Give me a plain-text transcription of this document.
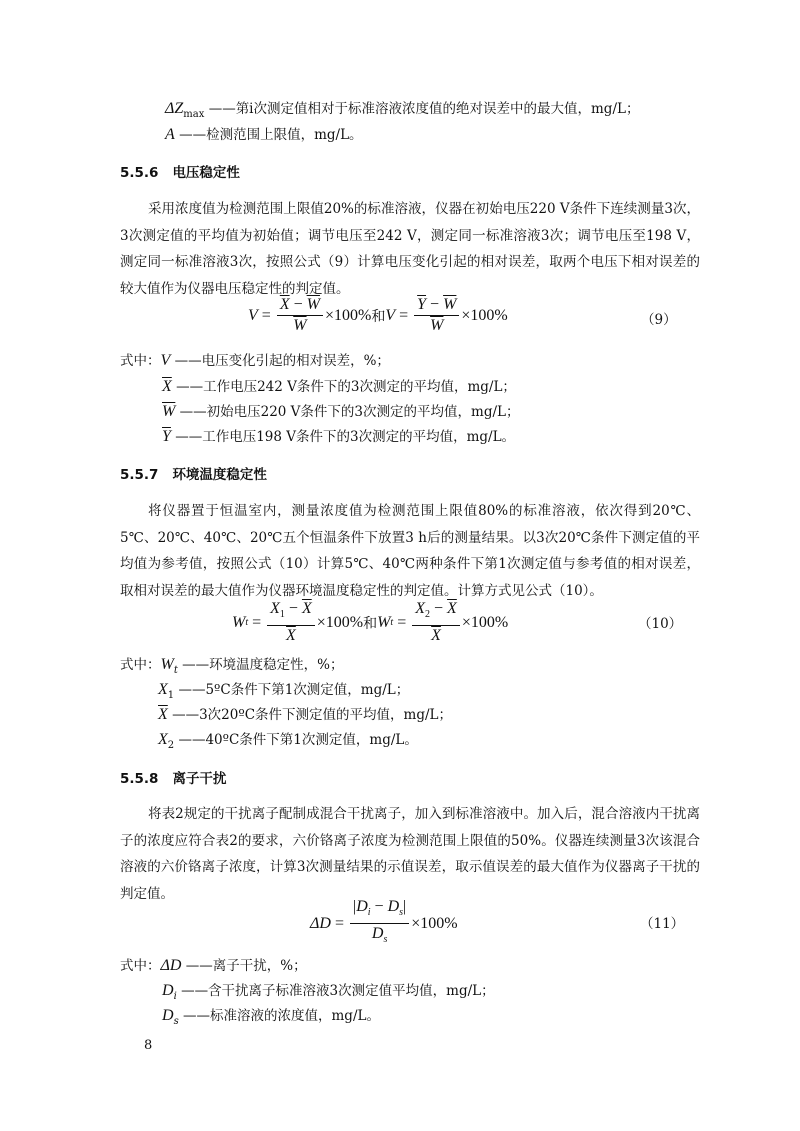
$\Delta Z_{max}$ ——第i次测定值相对于标准溶液浓度值的绝对误差中的最大值，mg/L；
A ——检测范围上限值，mg/L。
5.5.6 电压稳定性
采用浓度值为检测范围上限值20%的标准溶液，仪器在初始电压220 V条件下连续测量3次，3次测定值的平均值为初始值；调节电压至242 V，测定同一标准溶液3次；调节电压至198 V，测定同一标准溶液3次，按照公式（9）计算电压变化引起的相对误差，取两个电压下相对误差的较大值作为仪器电压稳定性的判定值。
$V = \frac{\overline{X} - \overline{W}}{W} \times 100\%$ 和 $V = \frac{\overline{Y} - \overline{W}}{W} \times 100\%$	（9）
式中：V ——电压变化引起的相对误差，%；
$\overline{X}$ ——工作电压242 V条件下的3次测定的平均值，mg/L；
$\overline{W}$ ——初始电压220 V条件下的3次测定的平均值，mg/L；
$\overline{Y}$ ——工作电压198 V条件下的3次测定的平均值，mg/L。
5.5.7 环境温度稳定性
将仪器置于恒温室内，测量浓度值为检测范围上限值80%的标准溶液，依次得到20℃、5℃、20℃、40℃、20℃五个恒温条件下放置3 h后的测量结果。以3次20℃条件下测定值的平均值为参考值，按照公式（10）计算5℃、40℃两种条件下第1次测定值与参考值的相对误差，取相对误差的最大值作为仪器环境温度稳定性的判定值。计算方式见公式（10）。
W $t = \frac{X_1 - \overline{X}}{X} \times 100\%$ 和 W $t = \frac{X_2 - \overline{X}}{X} \times 100\%$	（10）
式中：$W_t$ ——环境温度稳定性，%；
$X_1$ ——5ºC条件下第1次测定值，mg/L；
$\overline{X}$ ——3次20ºC条件下测定值的平均值，mg/L；
$X_2$ ——40ºC条件下第1次测定值，mg/L。
5.5.8 离子干扰
将表2规定的干扰离子配制成混合干扰离子，加入到标准溶液中。加入后，混合溶液内干扰离子的浓度应符合表2的要求，六价铬离子浓度为检测范围上限值的50%。仪器连续测量3次该混合溶液的六价铬离子浓度，计算3次测量结果的示值误差，取示值误差的最大值作为仪器离子干扰的判定值。
$\Delta D = \frac{|D_i - D_s|}{D_s} \times 100\%$	（11）
式中：ΔD ——离子干扰，%；
$D_i$ ——含干扰离子标准溶液3次测定值平均值，mg/L；
$D_s$ ——标准溶液的浓度值，mg/L。
8
